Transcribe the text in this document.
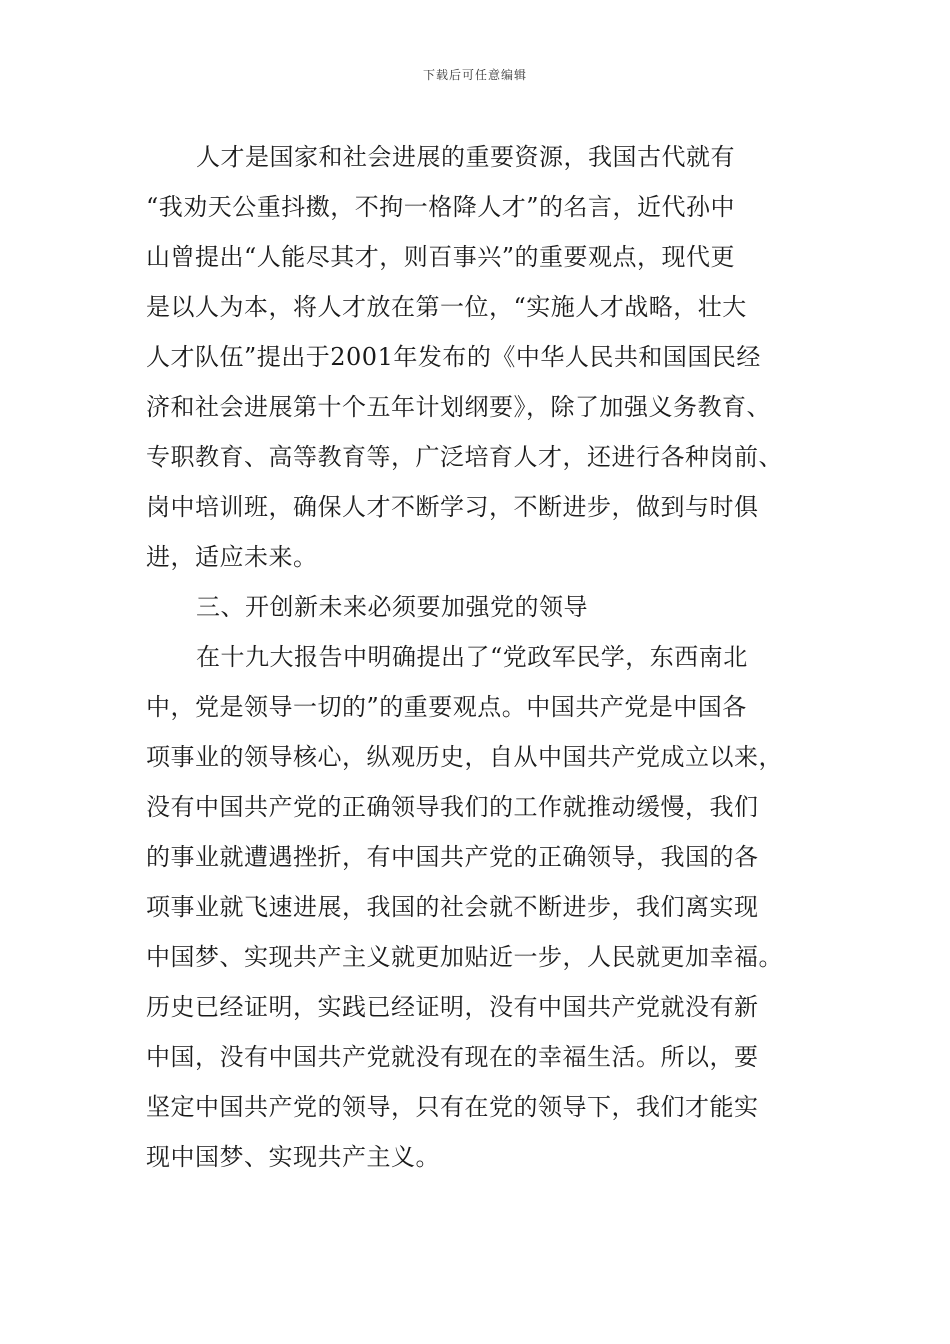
下载后可任意编辑
人才是国家和社会进展的重要资源，我国古代就有
“我劝天公重抖擞，不拘一格降人才”的名言，近代孙中
山曾提出“人能尽其才，则百事兴”的重要观点，现代更
是以人为本，将人才放在第一位，“实施人才战略，壮大
人才队伍”提出于2001年发布的《中华人民共和国国民经
济和社会进展第十个五年计划纲要》，除了加强义务教育、
专职教育、高等教育等，广泛培育人才，还进行各种岗前、
岗中培训班，确保人才不断学习，不断进步，做到与时俱
进，适应未来。
三、开创新未来必须要加强党的领导
在十九大报告中明确提出了“党政军民学，东西南北
中，党是领导一切的”的重要观点。中国共产党是中国各
项事业的领导核心，纵观历史，自从中国共产党成立以来，
没有中国共产党的正确领导我们的工作就推动缓慢，我们
的事业就遭遇挫折，有中国共产党的正确领导，我国的各
项事业就飞速进展，我国的社会就不断进步，我们离实现
中国梦、实现共产主义就更加贴近一步，人民就更加幸福。
历史已经证明，实践已经证明，没有中国共产党就没有新
中国，没有中国共产党就没有现在的幸福生活。所以，要
坚定中国共产党的领导，只有在党的领导下，我们才能实
现中国梦、实现共产主义。
